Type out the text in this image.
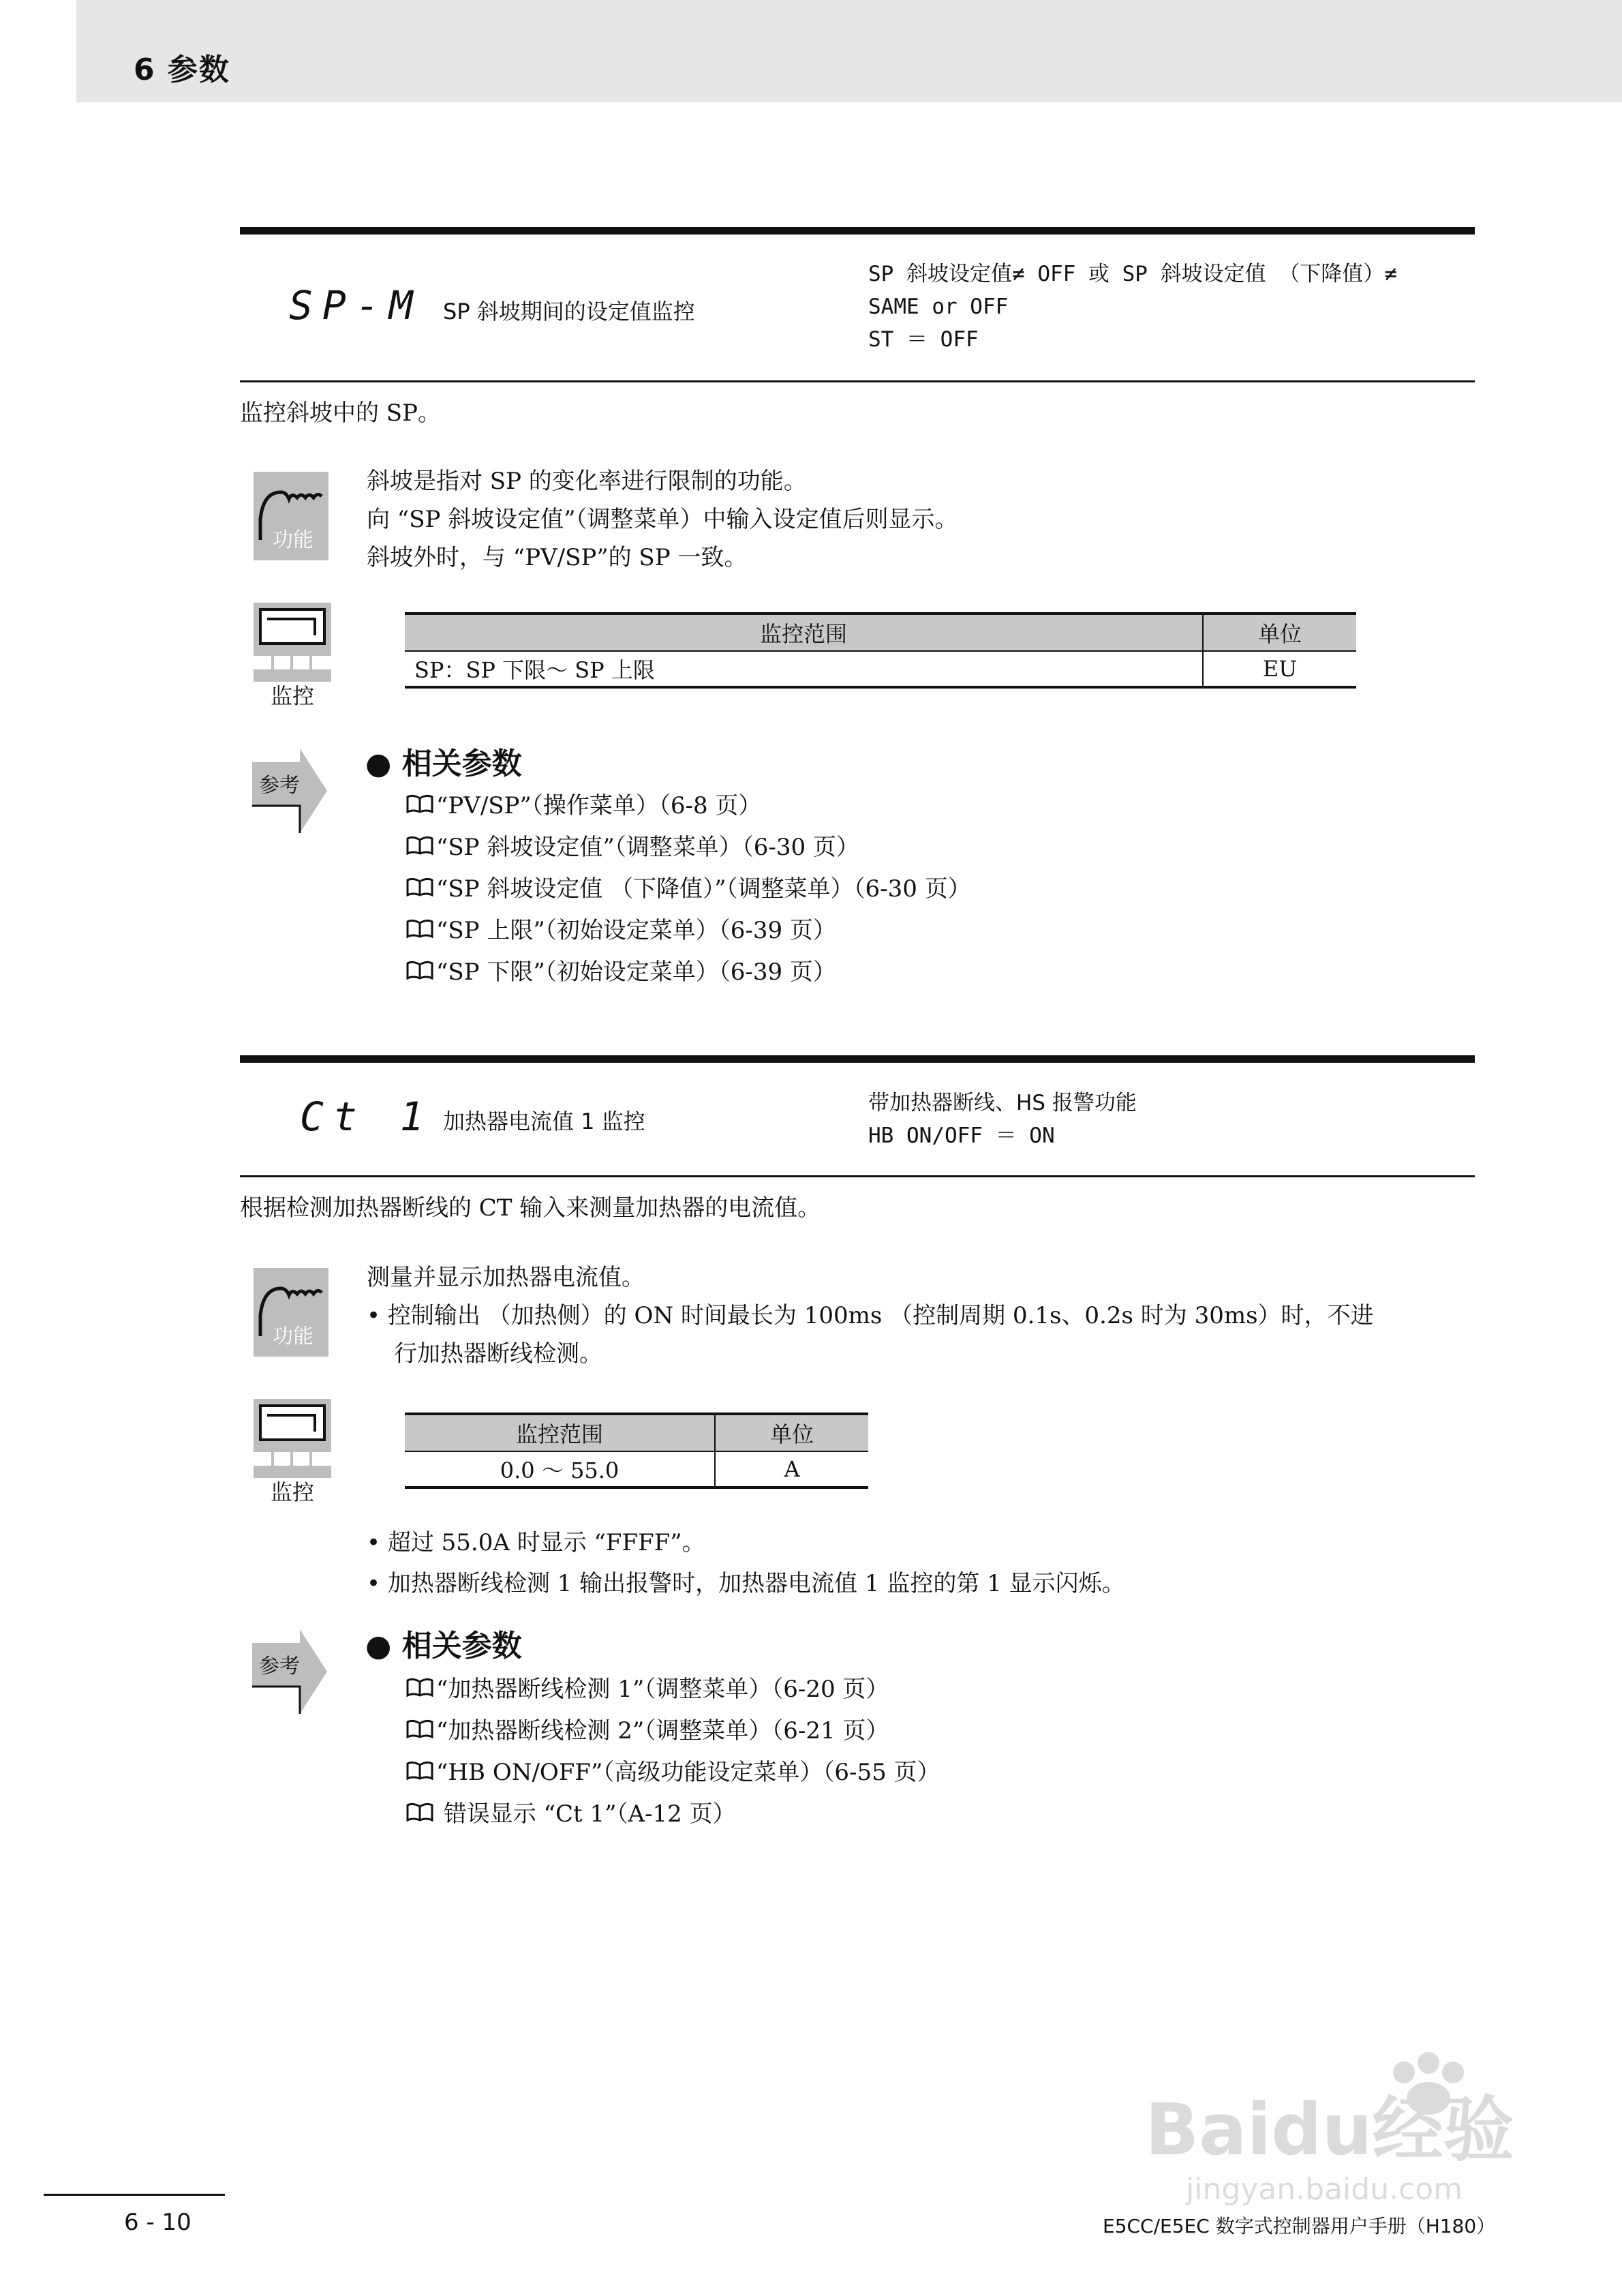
6 参数
SP-M SP 斜坡期间的设定值监控
SP 斜坡设定值≠ OFF 或 SP 斜坡设定值 （下降值）≠
SAME or OFF
ST ＝ OFF
监控斜坡中的 SP。
功能
斜坡是指对 SP 的变化率进行限制的功能。
向 “SP 斜坡设定值”（调整菜单）中输入设定值后则显示。
斜坡外时，与 “PV/SP”的 SP 一致。
监控
监控范围	单位
SP：SP 下限～ SP 上限	EU
参考
● 相关参数
“PV/SP”（操作菜单）（6-8 页）
“SP 斜坡设定值”（调整菜单）（6-30 页）
“SP 斜坡设定值 （下降值）”（调整菜单）（6-30 页）
“SP 上限”（初始设定菜单）（6-39 页）
“SP 下限”（初始设定菜单）（6-39 页）
Ct 1 加热器电流值 1 监控
带加热器断线、HS 报警功能
HB ON/OFF ＝ ON
根据检测加热器断线的 CT 输入来测量加热器的电流值。
功能
测量并显示加热器电流值。
• 控制输出 （加热侧）的 ON 时间最长为 100ms （控制周期 0.1s、0.2s 时为 30ms）时，不进
行加热器断线检测。
监控
监控范围	单位
0.0 ～ 55.0	A
• 超过 55.0A 时显示 “FFFF”。
• 加热器断线检测 1 输出报警时，加热器电流值 1 监控的第 1 显示闪烁。
参考
● 相关参数
“加热器断线检测 1”（调整菜单）（6-20 页）
“加热器断线检测 2”（调整菜单）（6-21 页）
“HB ON/OFF”（高级功能设定菜单）（6-55 页）
错误显示 “Ct 1”（A-12 页）
Baidu经验
jingyan.baidu.com
6 - 10	E5CC/E5EC 数字式控制器用户手册（H180）
